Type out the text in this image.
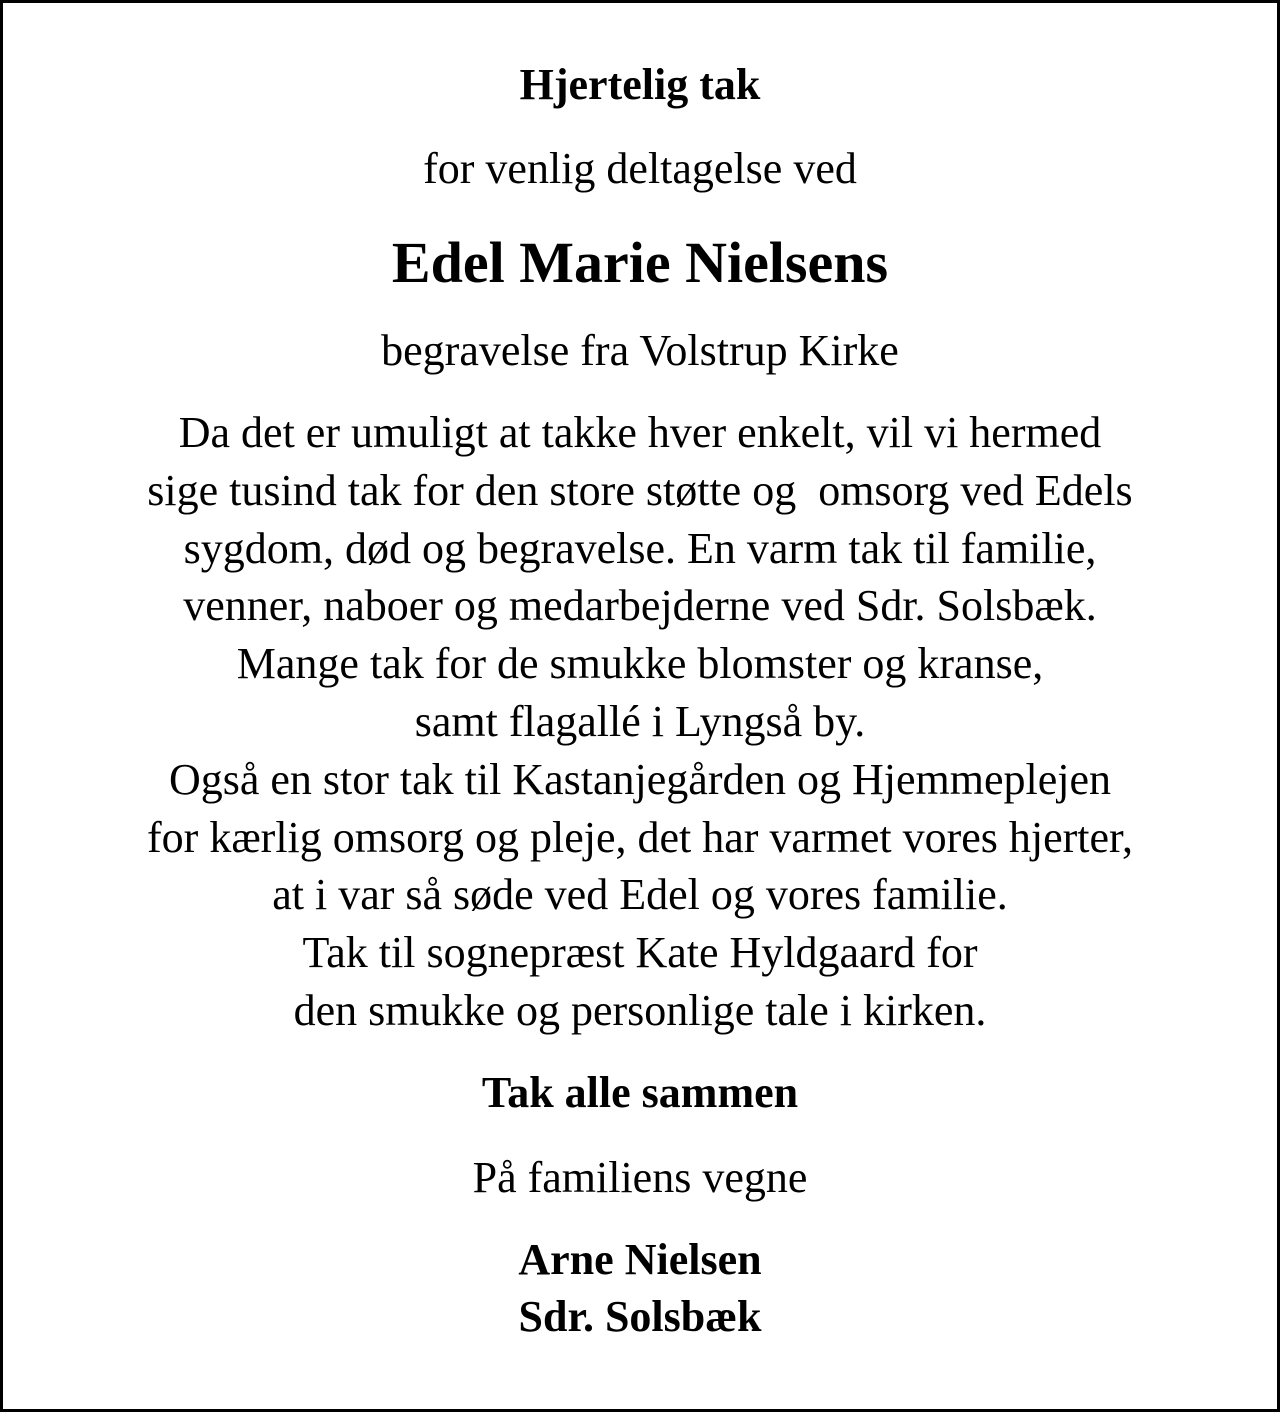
Hjertelig tak

for venlig deltagelse ved

Edel Marie Nielsens

begravelse fra Volstrup Kirke

Da det er umuligt at takke hver enkelt, vil vi hermed
sige tusind tak for den store støtte og  omsorg ved Edels
sygdom, død og begravelse. En varm tak til familie,
venner, naboer og medarbejderne ved Sdr. Solsbæk.
Mange tak for de smukke blomster og kranse,
samt flagallé i Lyngså by.
Også en stor tak til Kastanjegården og Hjemmeplejen
for kærlig omsorg og pleje, det har varmet vores hjerter,
at i var så søde ved Edel og vores familie.
Tak til sognepræst Kate Hyldgaard for
den smukke og personlige tale i kirken.

Tak alle sammen

På familiens vegne

Arne Nielsen
Sdr. Solsbæk
